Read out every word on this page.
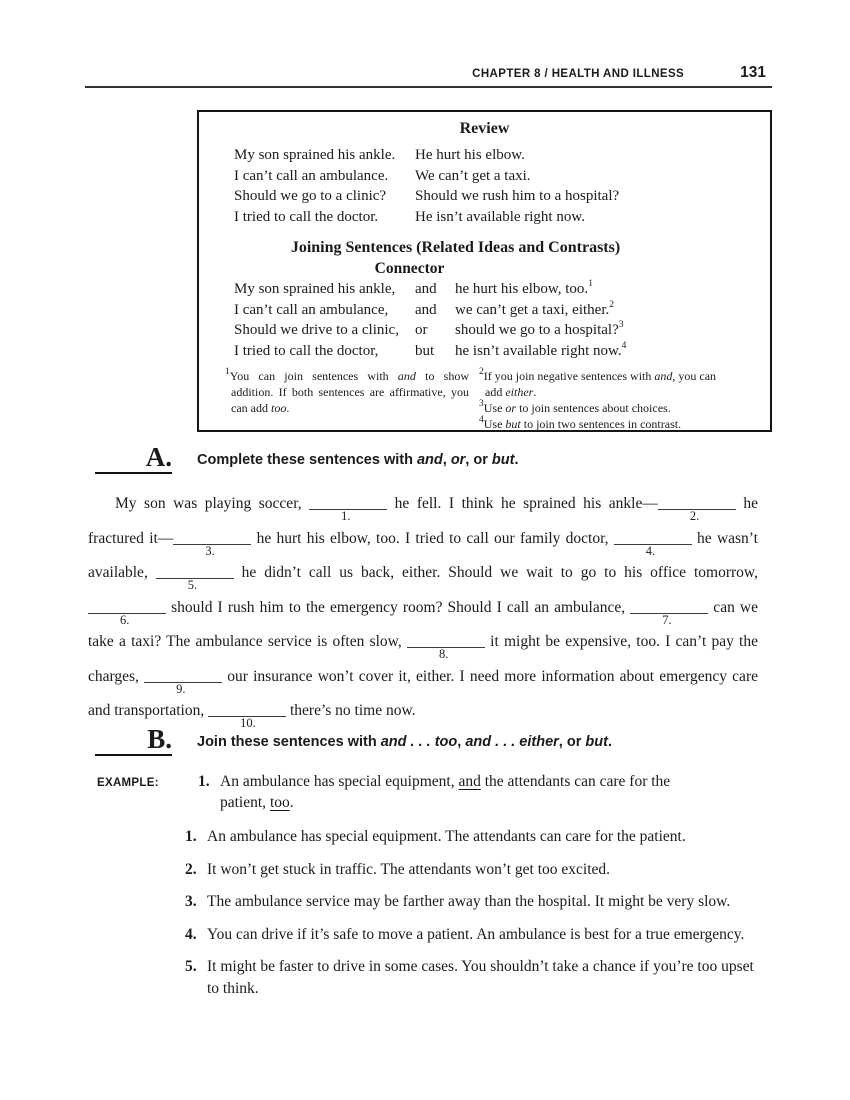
CHAPTER 8 / HEALTH AND ILLNESS	131
Review
My son sprained his ankle.	He hurt his elbow.
I can’t call an ambulance.	We can’t get a taxi.
Should we go to a clinic?	Should we rush him to a hospital?
I tried to call the doctor.	He isn’t available right now.
Joining Sentences (Related Ideas and Contrasts)
Connector
My son sprained his ankle,	and	he hurt his elbow, too.$^1$
I can’t call an ambulance,	and	we can’t get a taxi, either.$^2$
Should we drive to a clinic,	or	should we go to a hospital?$^3$
I tried to call the doctor,	but	he isn’t available right now.$^4$
$^1$You can join sentences with and to show addition. If both sentences are affirmative, you can add too.
$^2$If you join negative sentences with and, you can add either.
$^3$Use or to join sentences about choices.
$^4$Use but to join two sentences in contrast.
A. Complete these sentences with and, or, or but.
My son was playing soccer,
1.
he fell. I think he sprained his ankle—
2.
he fractured it—
3.
he hurt his elbow, too. I tried to call our family doctor,
4.
he wasn’t available,
5.
he didn’t call us back, either. Should we wait to go to his office tomorrow,
6.
should I rush him to the emergency room? Should I call an ambulance,
7.
can we take a taxi? The ambulance service is often slow,
8.
it might be expensive, too. I can’t pay the charges,
9.
our insurance won’t cover it, either. I need more information about emergency care and transportation,
10.
there’s no time now.
B. Join these sentences with and . . . too, and . . . either, or but.
EXAMPLE:	1. An ambulance has special equipment, and the attendants can care for the patient, too.
1. An ambulance has special equipment. The attendants can care for the patient.
2. It won’t get stuck in traffic. The attendants won’t get too excited.
3. The ambulance service may be farther away than the hospital. It might be very slow.
4. You can drive if it’s safe to move a patient. An ambulance is best for a true emergency.
5. It might be faster to drive in some cases. You shouldn’t take a chance if you’re too upset to think.
